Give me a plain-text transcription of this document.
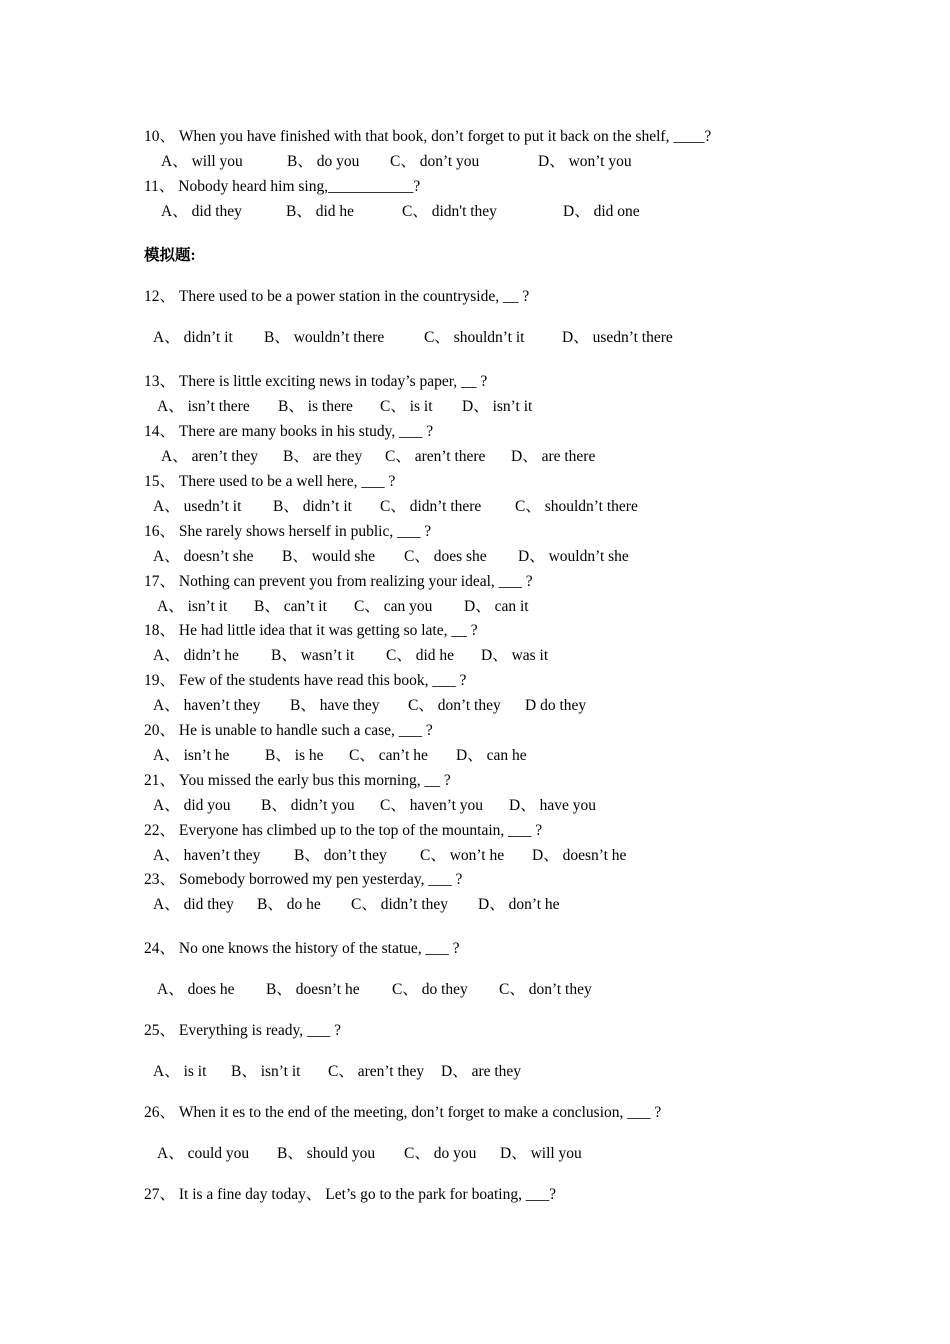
10、 When you have finished with that book, don’t forget to put it back on the shelf, ____?
A、 will you	B、 do you C、 don’t you	D、 won’t you
11、 Nobody heard him sing,___________?
A、 did they	B、 did he	C、 didn't they	D、 did one
模拟题:
12、 There used to be a power station in the countryside, __ ?
A、 didn’t it B、 wouldn’t there	C、 shouldn’t it D、 usedn’t there
13、 There is little exciting news in today’s paper, __ ?
A、 isn’t there B、 is there C、 is it D、 isn’t it
14、 There are many books in his study, ___ ?
A、 aren’t they B、 are they C、 aren’t there D、 are there
15、 There used to be a well here, ___ ?
A、 usedn’t it B、 didn’t it C、 didn’t there C、 shouldn’t there
16、 She rarely shows herself in public, ___ ?
A、 doesn’t she B、 would she C、 does she D、 wouldn’t she
17、 Nothing can prevent you from realizing your ideal, ___ ?
A、 isn’t it B、 can’t it C、 can you D、 can it
18、 He had little idea that it was getting so late, __ ?
A、 didn’t he B、 wasn’t it C、 did he D、 was it
19、 Few of the students have read this book, ___ ?
A、 haven’t they B、 have they C、 don’t they D do they
20、 He is unable to handle such a case, ___ ?
A、 isn’t he B、 is he C、 can’t he D、 can he
21、 You missed the early bus this morning, __ ?
A、 did you B、 didn’t you C、 haven’t you D、 have you
22、 Everyone has climbed up to the top of the mountain, ___ ?
A、 haven’t they B、 don’t they C、 won’t he D、 doesn’t he
23、 Somebody borrowed my pen yesterday, ___ ?
A、 did they B、 do he C、 didn’t they D、 don’t he
24、 No one knows the history of the statue, ___ ?
A、 does he B、 doesn’t he C、 do they C、 don’t they
25、 Everything is ready, ___ ?
A、 is it B、 isn’t it C、 aren’t they D、 are they
26、 When it es to the end of the meeting, don’t forget to make a conclusion, ___ ?
A、 could you B、 should you C、 do you D、 will you
27、 It is a fine day today、 Let’s go to the park for boating, ___?
